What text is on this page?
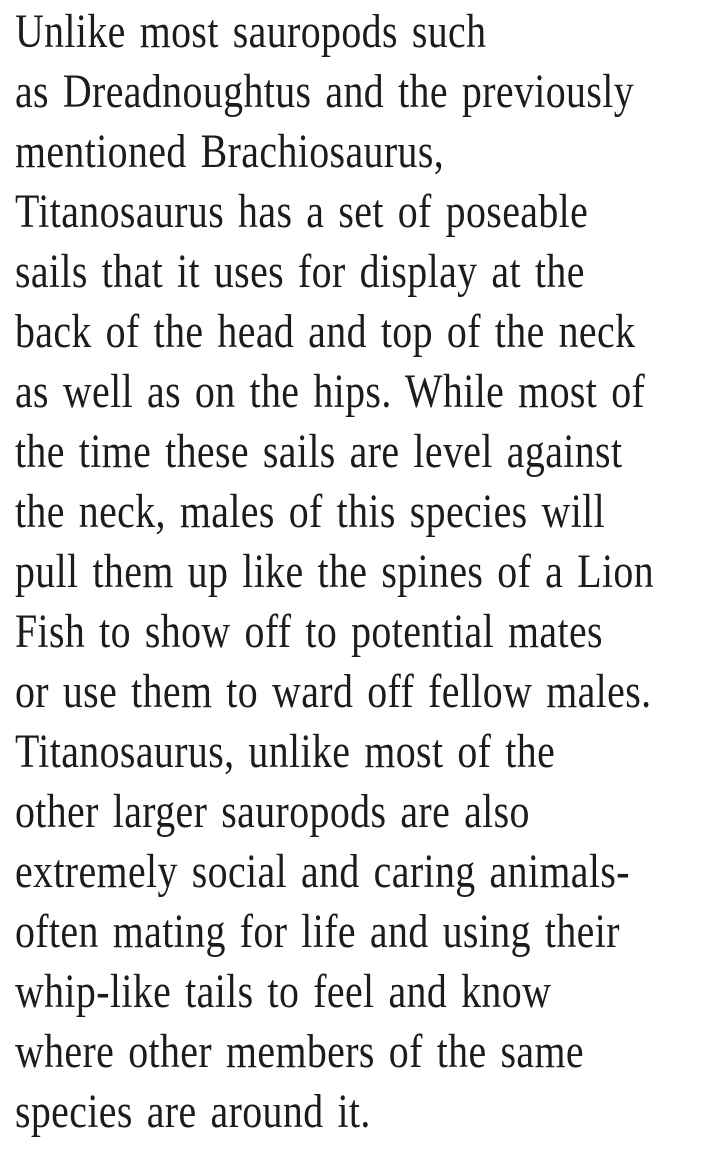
Unlike most sauropods such
as Dreadnoughtus and the previously
mentioned Brachiosaurus,
Titanosaurus has a set of poseable
sails that it uses for display at the
back of the head and top of the neck
as well as on the hips. While most of
the time these sails are level against
the neck, males of this species will
pull them up like the spines of a Lion
Fish to show off to potential mates
or use them to ward off fellow males.
Titanosaurus, unlike most of the
other larger sauropods are also
extremely social and caring animals-
often mating for life and using their
whip-like tails to feel and know
where other members of the same
species are around it.
